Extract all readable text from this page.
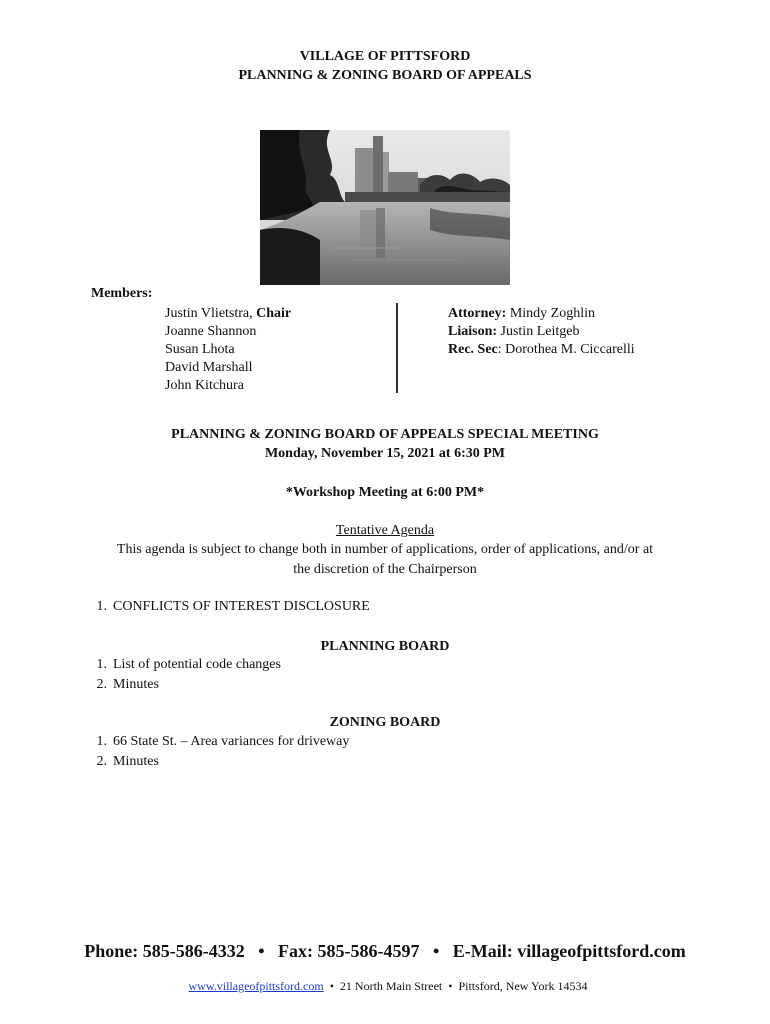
VILLAGE OF PITTSFORD
PLANNING & ZONING BOARD OF APPEALS
Members:
Justin Vlietstra, Chair
Joanne Shannon
Susan Lhota
David Marshall
John Kitchura
Attorney: Mindy Zoghlin
Liaison: Justin Leitgeb
Rec. Sec: Dorothea M. Ciccarelli
PLANNING & ZONING BOARD OF APPEALS SPECIAL MEETING
Monday, November 15, 2021 at 6:30 PM
*Workshop Meeting at 6:00 PM*
Tentative Agenda
This agenda is subject to change both in number of applications, order of applications, and/or at
the discretion of the Chairperson
1. CONFLICTS OF INTEREST DISCLOSURE
PLANNING BOARD
1. List of potential code changes
2. Minutes
ZONING BOARD
1. 66 State St. – Area variances for driveway
2. Minutes
Phone: 585-586-4332   •   Fax: 585-586-4597   •   E-Mail: villageofpittsford.com

www.villageofpittsford.com  •  21 North Main Street  •  Pittsford, New York 14534
